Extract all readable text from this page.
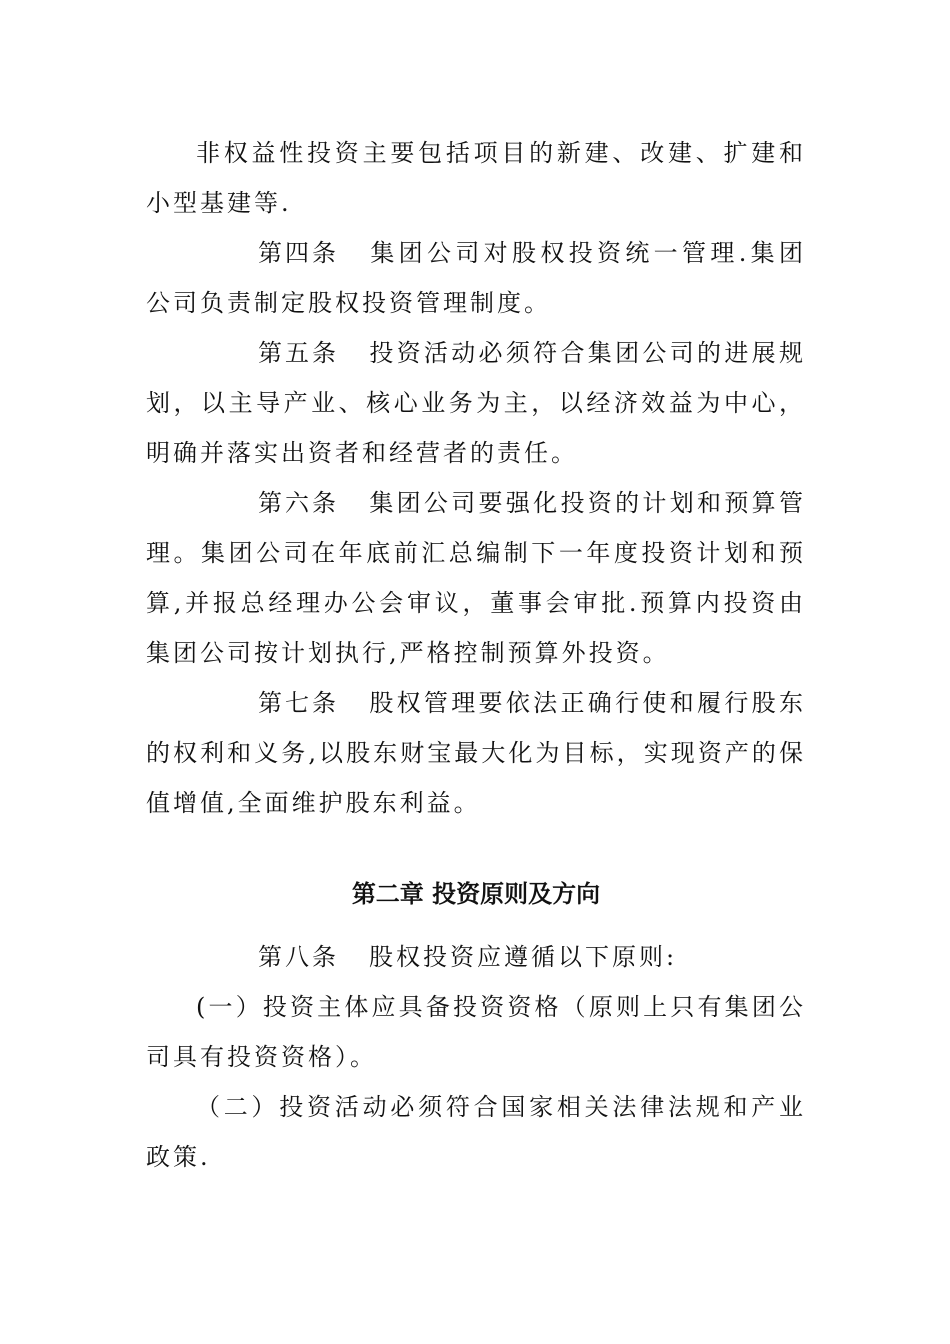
非权益性投资主要包括项目的新建、改建、扩建和小型基建等.

第四条 集团公司对股权投资统一管理.集团公司负责制定股权投资管理制度。

第五条 投资活动必须符合集团公司的进展规划，以主导产业、核心业务为主，以经济效益为中心，明确并落实出资者和经营者的责任。

第六条 集团公司要强化投资的计划和预算管理。集团公司在年底前汇总编制下一年度投资计划和预算,并报总经理办公会审议，董事会审批.预算内投资由集团公司按计划执行,严格控制预算外投资。

第七条 股权管理要依法正确行使和履行股东的权利和义务,以股东财宝最大化为目标，实现资产的保值增值,全面维护股东利益。

第二章 投资原则及方向

第八条 股权投资应遵循以下原则:

(一）投资主体应具备投资资格（原则上只有集团公司具有投资资格）。

（二）投资活动必须符合国家相关法律法规和产业政策.
